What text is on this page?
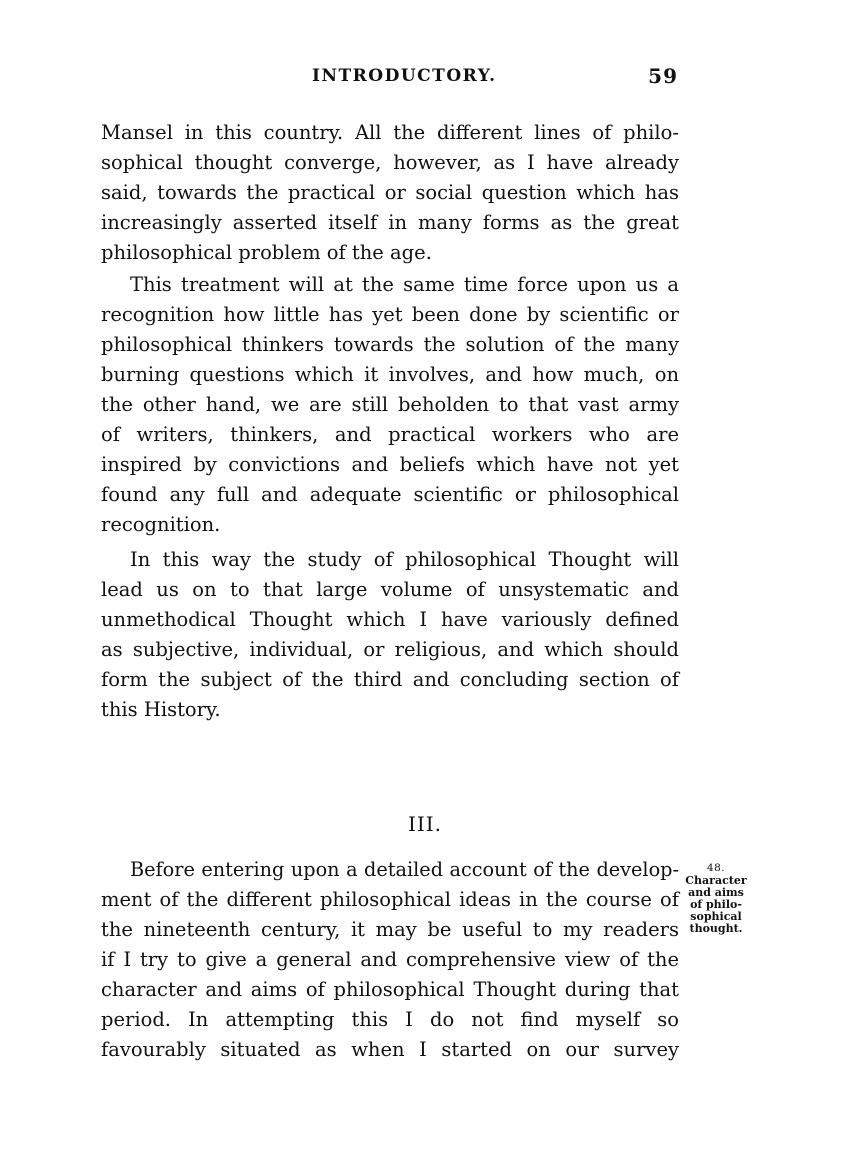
INTRODUCTORY.	59
Mansel in this country. All the different lines of philo-
sophical thought converge, however, as I have already
said, towards the practical or social question which has
increasingly asserted itself in many forms as the great
philosophical problem of the age.
This treatment will at the same time force upon us a
recognition how little has yet been done by scientific or
philosophical thinkers towards the solution of the many
burning questions which it involves, and how much, on
the other hand, we are still beholden to that vast army
of writers, thinkers, and practical workers who are
inspired by convictions and beliefs which have not yet
found any full and adequate scientific or philosophical
recognition.
In this way the study of philosophical Thought will
lead us on to that large volume of unsystematic and
unmethodical Thought which I have variously defined
as subjective, individual, or religious, and which should
form the subject of the third and concluding section of
this History.
III.
Before entering upon a detailed account of the develop-
ment of the different philosophical ideas in the course of
the nineteenth century, it may be useful to my readers
if I try to give a general and comprehensive view of the
character and aims of philosophical Thought during that
period. In attempting this I do not find myself so
favourably situated as when I started on our survey
48.
Character
and aims
of philo-
sophical
thought.
